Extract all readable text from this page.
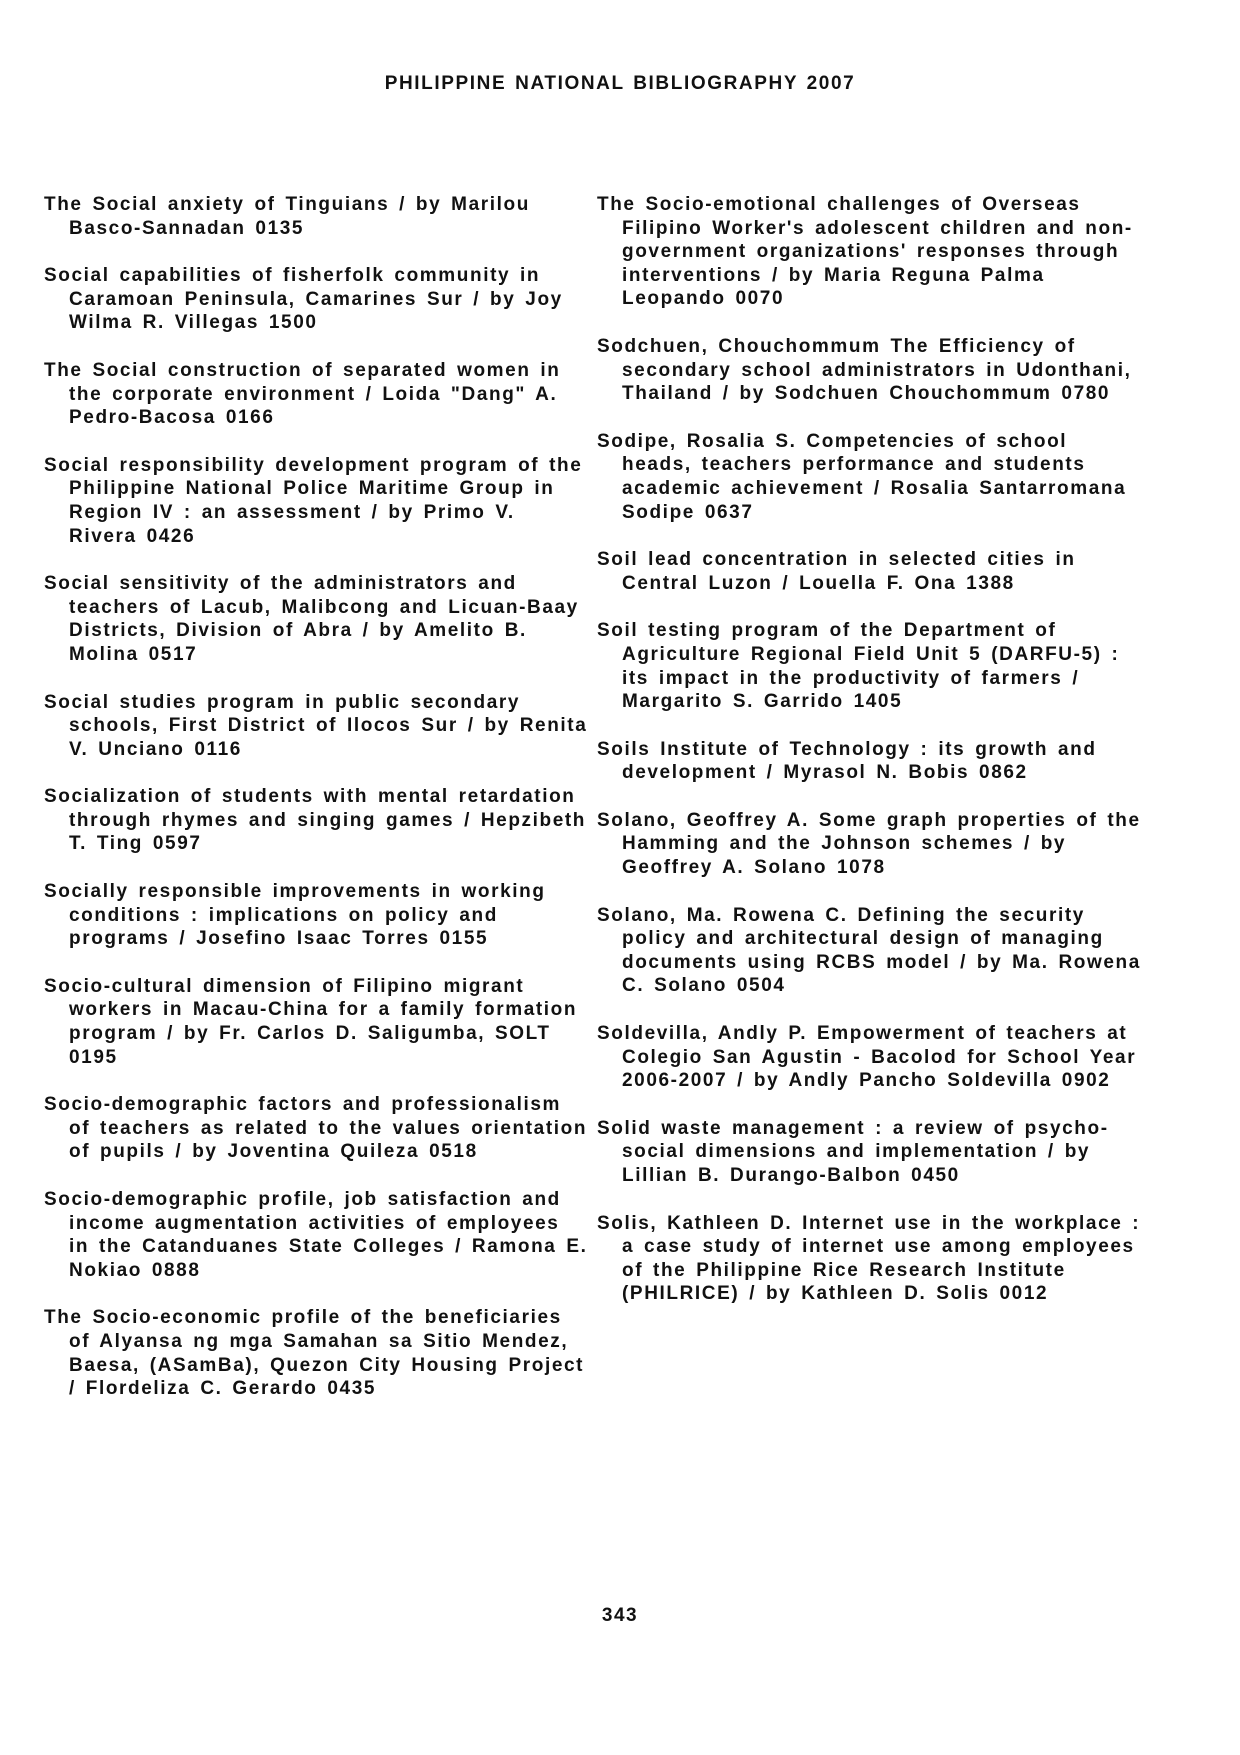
PHILIPPINE NATIONAL BIBLIOGRAPHY 2007
The Social anxiety of Tinguians / by Marilou Basco-Sannadan 0135
Social capabilities of fisherfolk community in Caramoan Peninsula, Camarines Sur / by Joy Wilma R. Villegas 1500
The Social construction of separated women in the corporate environment / Loida "Dang" A. Pedro-Bacosa 0166
Social responsibility development program of the Philippine National Police Maritime Group in Region IV : an assessment / by Primo V. Rivera 0426
Social sensitivity of the administrators and teachers of Lacub, Malibcong and Licuan-Baay Districts, Division of Abra / by Amelito B. Molina 0517
Social studies program in public secondary schools, First District of Ilocos Sur / by Renita V. Unciano 0116
Socialization of students with mental retardation through rhymes and singing games / Hepzibeth T. Ting 0597
Socially responsible improvements in working conditions : implications on policy and programs / Josefino Isaac Torres 0155
Socio-cultural dimension of Filipino migrant workers in Macau-China for a family formation program / by Fr. Carlos D. Saligumba, SOLT 0195
Socio-demographic factors and professionalism of teachers as related to the values orientation of pupils / by Joventina Quileza 0518
Socio-demographic profile, job satisfaction and income augmentation activities of employees in the Catanduanes State Colleges / Ramona E. Nokiao 0888
The Socio-economic profile of the beneficiaries of Alyansa ng mga Samahan sa Sitio Mendez, Baesa, (ASamBa), Quezon City Housing Project / Flordeliza C. Gerardo 0435
The Socio-emotional challenges of Overseas Filipino Worker's adolescent children and non-government organizations' responses through interventions / by Maria Reguna Palma Leopando 0070
Sodchuen, Chouchommum The Efficiency of secondary school administrators in Udonthani, Thailand / by Sodchuen Chouchommum 0780
Sodipe, Rosalia S. Competencies of school heads, teachers performance and students academic achievement / Rosalia Santarromana Sodipe 0637
Soil lead concentration in selected cities in Central Luzon / Louella F. Ona 1388
Soil testing program of the Department of Agriculture Regional Field Unit 5 (DARFU-5) : its impact in the productivity of farmers / Margarito S. Garrido 1405
Soils Institute of Technology : its growth and development / Myrasol N. Bobis 0862
Solano, Geoffrey A. Some graph properties of the Hamming and the Johnson schemes / by Geoffrey A. Solano 1078
Solano, Ma. Rowena C. Defining the security policy and architectural design of managing documents using RCBS model / by Ma. Rowena C. Solano 0504
Soldevilla, Andly P. Empowerment of teachers at Colegio San Agustin - Bacolod for School Year 2006-2007 / by Andly Pancho Soldevilla 0902
Solid waste management : a review of psycho-social dimensions and implementation / by Lillian B. Durango-Balbon 0450
Solis, Kathleen D. Internet use in the workplace : a case study of internet use among employees of the Philippine Rice Research Institute (PHILRICE) / by Kathleen D. Solis 0012
343
